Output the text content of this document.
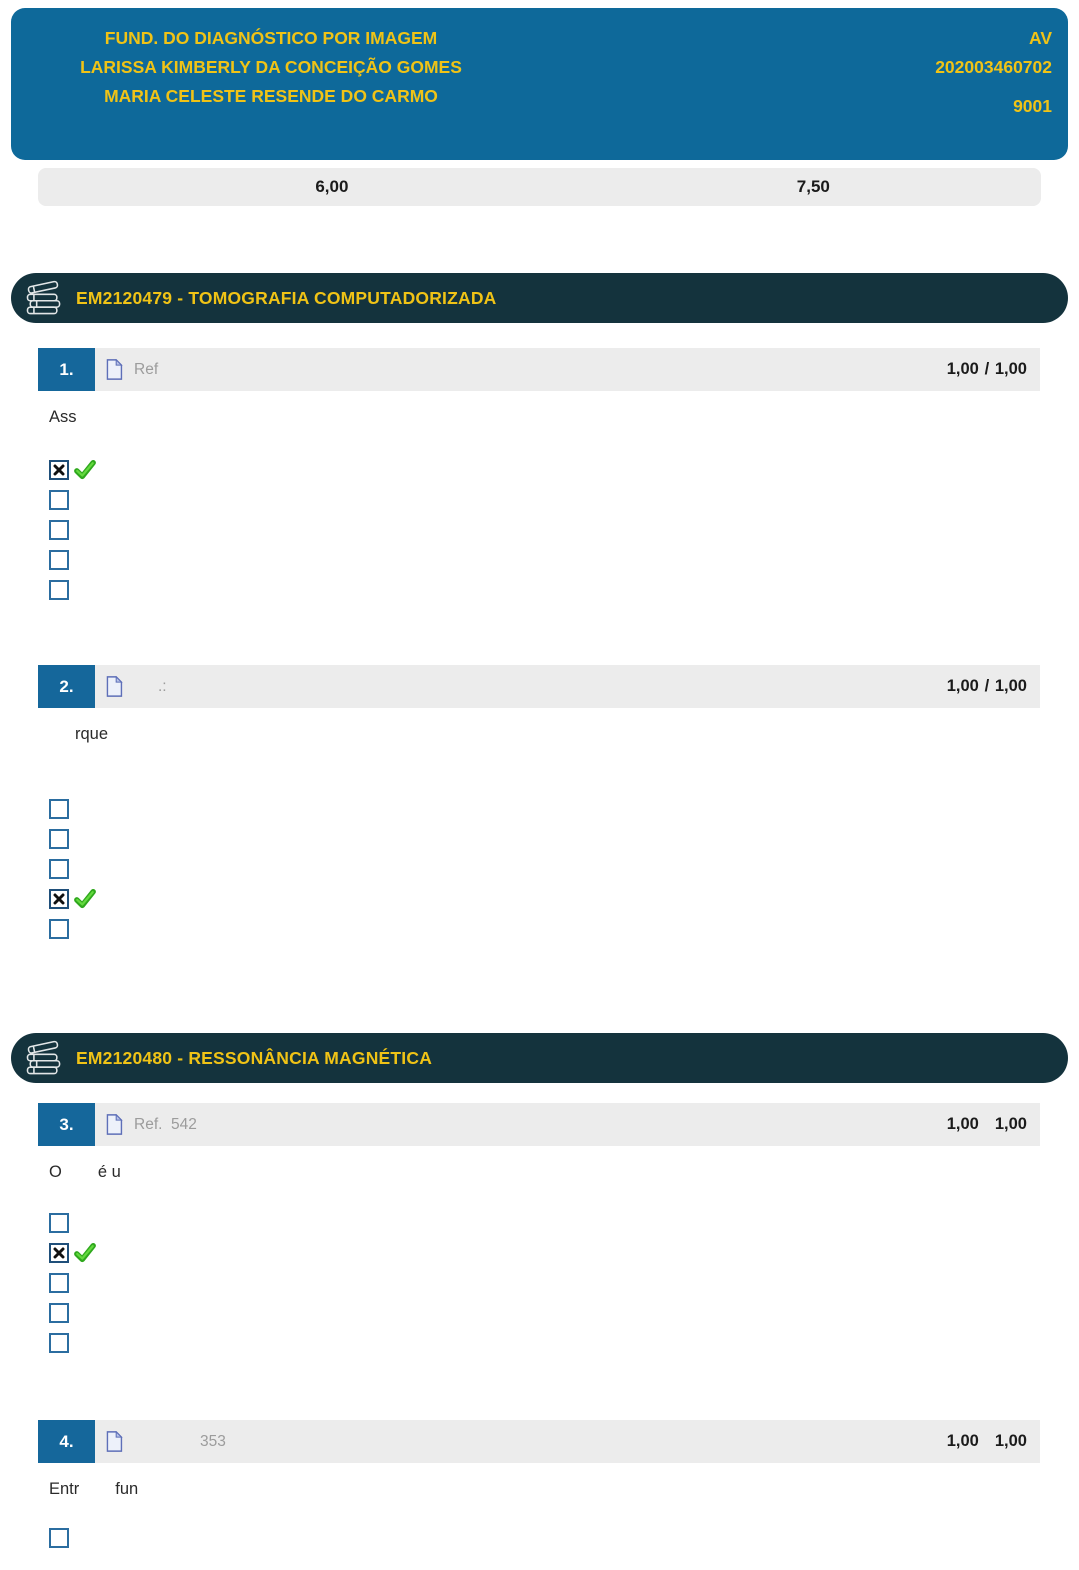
FUND. DO DIAGNÓSTICO POR IMAGEM
LARISSA KIMBERLY DA CONCEIÇÃO GOMES
MARIA CELESTE RESENDE DO CARMO
AV
202003460702
9001
6,00	7,50
EM2120479 - TOMOGRAFIA COMPUTADORIZADA
1.	Ref	1,00 / 1,00
Ass
2.	.:	1,00 / 1,00
rque
EM2120480 - RESSONÂNCIA MAGNÉTICA
3.	Ref.  542	1,00 1,00
O é u
4.	353	1,00 1,00
Entr fun
